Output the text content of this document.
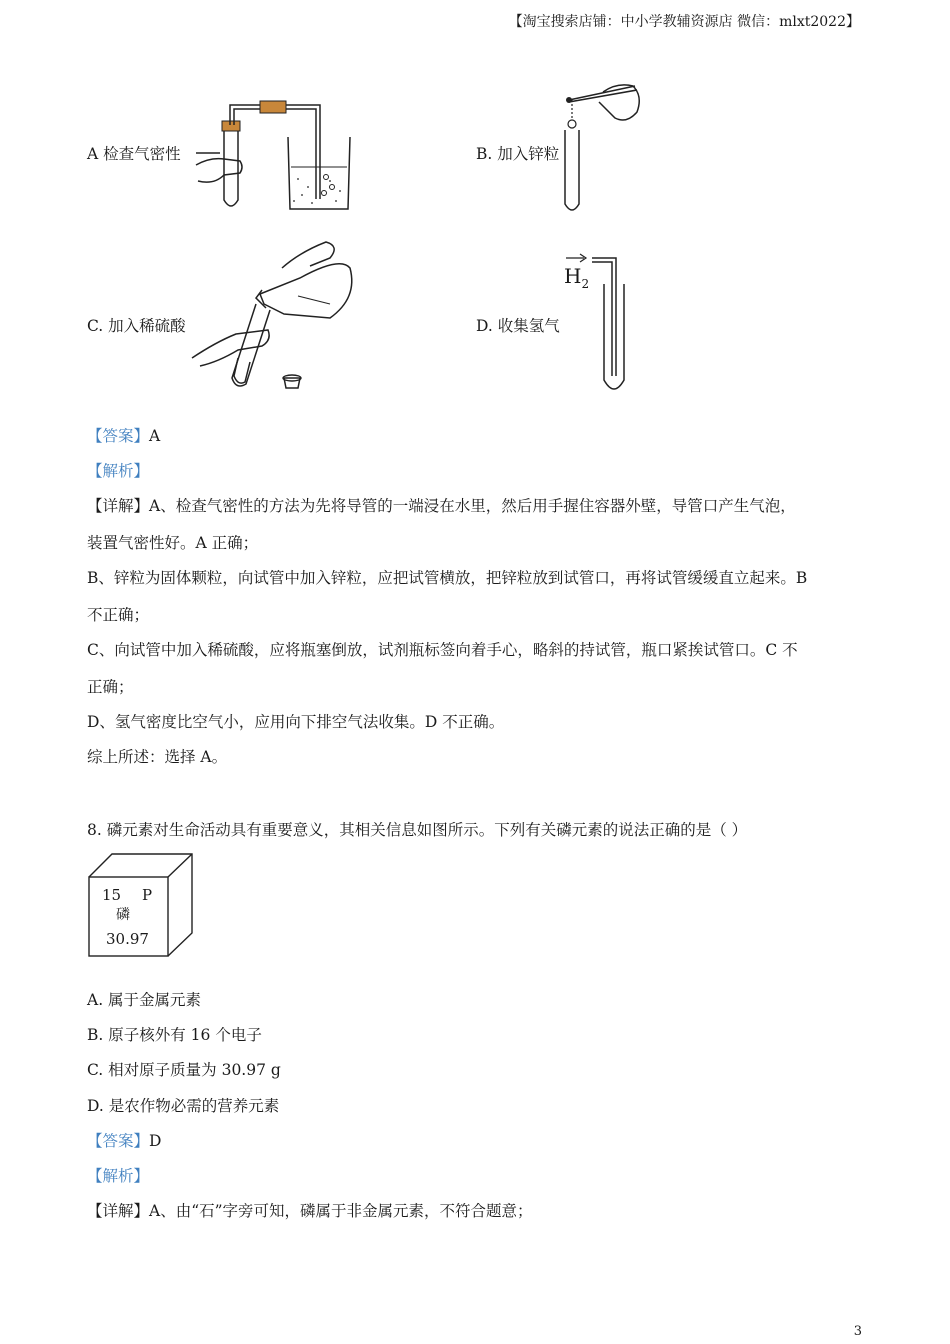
【淘宝搜索店铺：中小学教辅资源店 微信：mlxt2022】
A 检查气密性	B. 加入锌粒
C. 加入稀硫酸	D. 收集氢气
$H_2$
【答案】A
【解析】
【详解】A、检查气密性的方法为先将导管的一端浸在水里，然后用手握住容器外壁，导管口产生气泡，
装置气密性好。A 正确；
B、锌粒为固体颗粒，向试管中加入锌粒，应把试管横放，把锌粒放到试管口，再将试管缓缓直立起来。B
不正确；
C、向试管中加入稀硫酸，应将瓶塞倒放，试剂瓶标签向着手心，略斜的持试管，瓶口紧挨试管口。C 不
正确；
D、氢气密度比空气小，应用向下排空气法收集。D 不正确。
综上所述：选择 A。
8. 磷元素对生命活动具有重要意义，其相关信息如图所示。下列有关磷元素的说法正确的是（ ）
15 P
磷
30.97
A. 属于金属元素
B. 原子核外有 16 个电子
C. 相对原子质量为 30.97 g
D. 是农作物必需的营养元素
【答案】D
【解析】
【详解】A、由“石”字旁可知，磷属于非金属元素，不符合题意；
3
